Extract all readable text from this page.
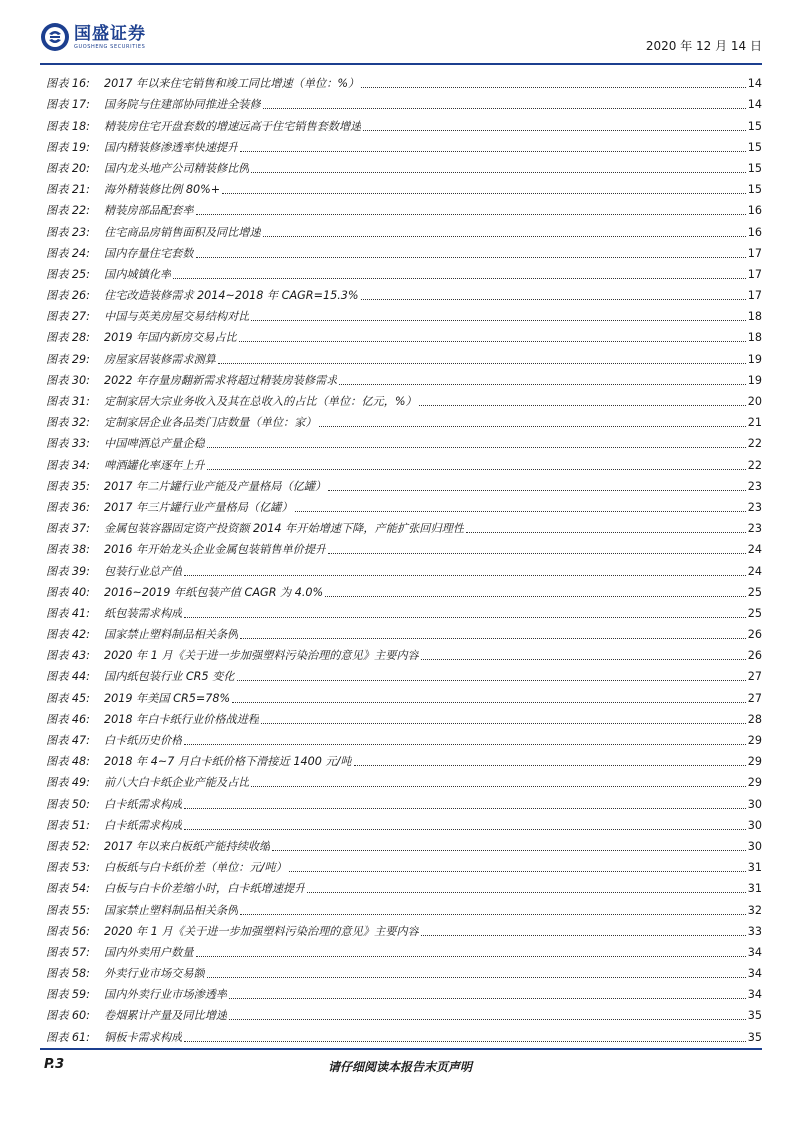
国盛证券
GUOSHENG SECURITIES	2020 年 12 月 14 日
图表 16:	2017 年以来住宅销售和竣工同比增速（单位：%）	14
图表 17:	国务院与住建部协同推进全装修	14
图表 18:	精装房住宅开盘套数的增速远高于住宅销售套数增速	15
图表 19:	国内精装修渗透率快速提升	15
图表 20:	国内龙头地产公司精装修比例	15
图表 21:	海外精装修比例 80%+	15
图表 22:	精装房部品配套率	16
图表 23:	住宅商品房销售面积及同比增速	16
图表 24:	国内存量住宅套数	17
图表 25:	国内城镇化率	17
图表 26:	住宅改造装修需求 2014~2018 年 CAGR=15.3%	17
图表 27:	中国与英美房屋交易结构对比	18
图表 28:	2019 年国内新房交易占比	18
图表 29:	房屋家居装修需求测算	19
图表 30:	2022 年存量房翻新需求将超过精装房装修需求	19
图表 31:	定制家居大宗业务收入及其在总收入的占比（单位：亿元，%）	20
图表 32:	定制家居企业各品类门店数量（单位：家）	21
图表 33:	中国啤酒总产量企稳	22
图表 34:	啤酒罐化率逐年上升	22
图表 35:	2017 年二片罐行业产能及产量格局（亿罐）	23
图表 36:	2017 年三片罐行业产量格局（亿罐）	23
图表 37:	金属包装容器固定资产投资额 2014 年开始增速下降，产能扩张回归理性	23
图表 38:	2016 年开始龙头企业金属包装销售单价提升	24
图表 39:	包装行业总产值	24
图表 40:	2016~2019 年纸包装产值 CAGR 为 4.0%	25
图表 41:	纸包装需求构成	25
图表 42:	国家禁止塑料制品相关条例	26
图表 43:	2020 年 1 月《关于进一步加强塑料污染治理的意见》主要内容	26
图表 44:	国内纸包装行业 CR5 变化	27
图表 45:	2019 年美国 CR5=78%	27
图表 46:	2018 年白卡纸行业价格战进程	28
图表 47:	白卡纸历史价格	29
图表 48:	2018 年 4~7 月白卡纸价格下滑接近 1400 元/吨	29
图表 49:	前八大白卡纸企业产能及占比	29
图表 50:	白卡纸需求构成	30
图表 51:	白卡纸需求构成	30
图表 52:	2017 年以来白板纸产能持续收缩	30
图表 53:	白板纸与白卡纸价差（单位：元/吨）	31
图表 54:	白板与白卡价差缩小时，白卡纸增速提升	31
图表 55:	国家禁止塑料制品相关条例	32
图表 56:	2020 年 1 月《关于进一步加强塑料污染治理的意见》主要内容	33
图表 57:	国内外卖用户数量	34
图表 58:	外卖行业市场交易额	34
图表 59:	国内外卖行业市场渗透率	34
图表 60:	卷烟累计产量及同比增速	35
图表 61:	铜板卡需求构成	35
P.3	请仔细阅读本报告末页声明
